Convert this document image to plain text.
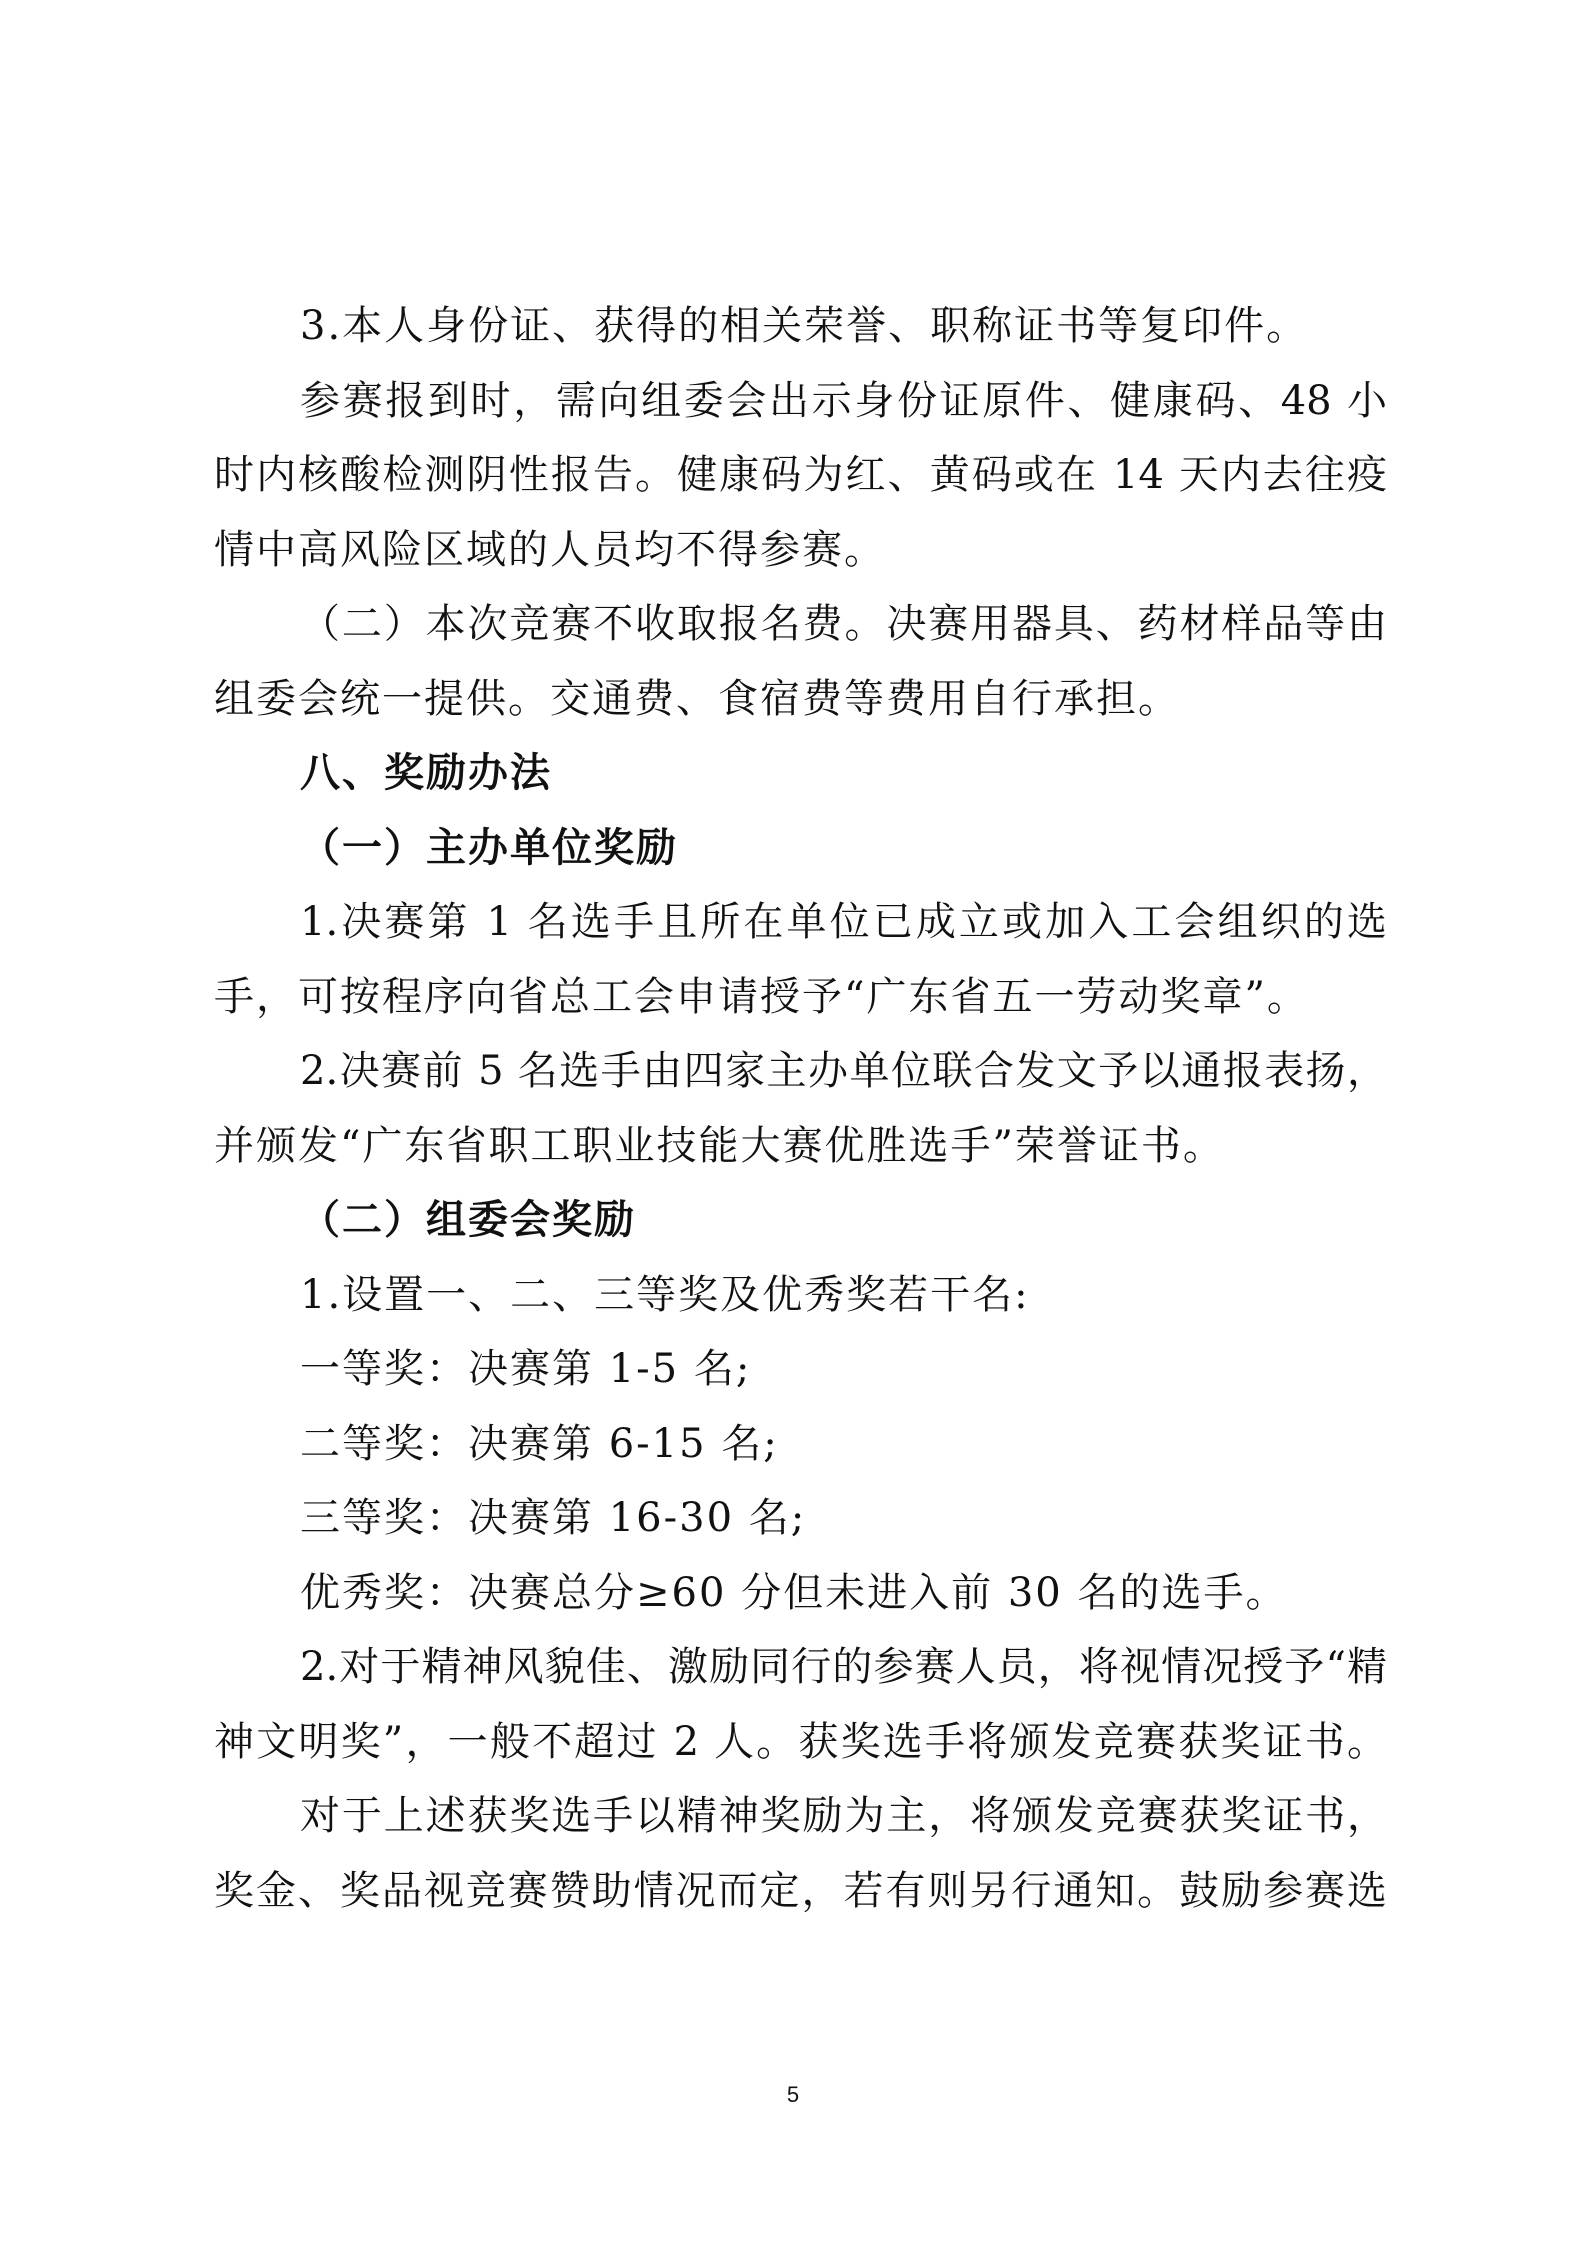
3.本人身份证、获得的相关荣誉、职称证书等复印件。
参赛报到时，需向组委会出示身份证原件、健康码、48 小
时内核酸检测阴性报告。健康码为红、黄码或在 14 天内去往疫
情中高风险区域的人员均不得参赛。
（二）本次竞赛不收取报名费。决赛用器具、药材样品等由
组委会统一提供。交通费、食宿费等费用自行承担。
八、奖励办法
（一）主办单位奖励
1.决赛第 1 名选手且所在单位已成立或加入工会组织的选
手，可按程序向省总工会申请授予“广东省五一劳动奖章”。
2.决赛前 5 名选手由四家主办单位联合发文予以通报表扬，
并颁发“广东省职工职业技能大赛优胜选手”荣誉证书。
（二）组委会奖励
1.设置一、二、三等奖及优秀奖若干名:
一等奖：决赛第 1-5 名;
二等奖：决赛第 6-15 名;
三等奖：决赛第 16-30 名;
优秀奖：决赛总分≥60 分但未进入前 30 名的选手。
2.对于精神风貌佳、激励同行的参赛人员，将视情况授予“精
神文明奖”，一般不超过 2 人。获奖选手将颁发竞赛获奖证书。
对于上述获奖选手以精神奖励为主，将颁发竞赛获奖证书，
奖金、奖品视竞赛赞助情况而定，若有则另行通知。鼓励参赛选
5
